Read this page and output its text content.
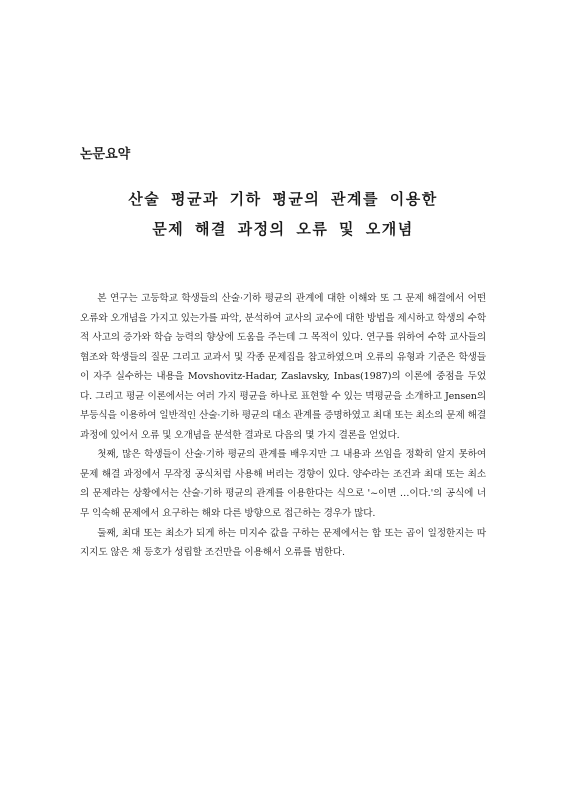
논문요약
산술 평균과 기하 평균의 관계를 이용한
문제 해결 과정의 오류 및 오개념

본 연구는 고등학교 학생들의 산술·기하 평균의 관계에 대한 이해와 또 그 문제 해결에서 어떤 오류와 오개념을 가지고 있는가를 파악, 분석하여 교사의 교수에 대한 방법을 제시하고 학생의 수학적 사고의 증가와 학습 능력의 향상에 도움을 주는데 그 목적이 있다. 연구를 위하여 수학 교사들의 협조와 학생들의 질문 그리고 교과서 및 각종 문제집을 참고하였으며 오류의 유형과 기준은 학생들이 자주 실수하는 내용을 Movshovitz-Hadar, Zaslavsky, Inbas(1987)의 이론에 중점을 두었다. 그리고 평균 이론에서는 여러 가지 평균을 하나로 표현할 수 있는 멱평균을 소개하고 Jensen의 부등식을 이용하여 일반적인 산술·기하 평균의 대소 관계를 증명하였고 최대 또는 최소의 문제 해결 과정에 있어서 오류 및 오개념을 분석한 결과로 다음의 몇 가지 결론을 얻었다.

첫째, 많은 학생들이 산술·기하 평균의 관계를 배우지만 그 내용과 쓰임을 정확히 알지 못하여 문제 해결 과정에서 무작정 공식처럼 사용해 버리는 경향이 있다. 양수라는 조건과 최대 또는 최소의 문제라는 상황에서는 산술·기하 평균의 관계를 이용한다는 식으로 '~이면 …이다.'의 공식에 너무 익숙해 문제에서 요구하는 해와 다른 방향으로 접근하는 경우가 많다.

둘째, 최대 또는 최소가 되게 하는 미지수 값을 구하는 문제에서는 합 또는 곱이 일정한지는 따지지도 않은 채 등호가 성립할 조건만을 이용해서 오류를 범한다.
